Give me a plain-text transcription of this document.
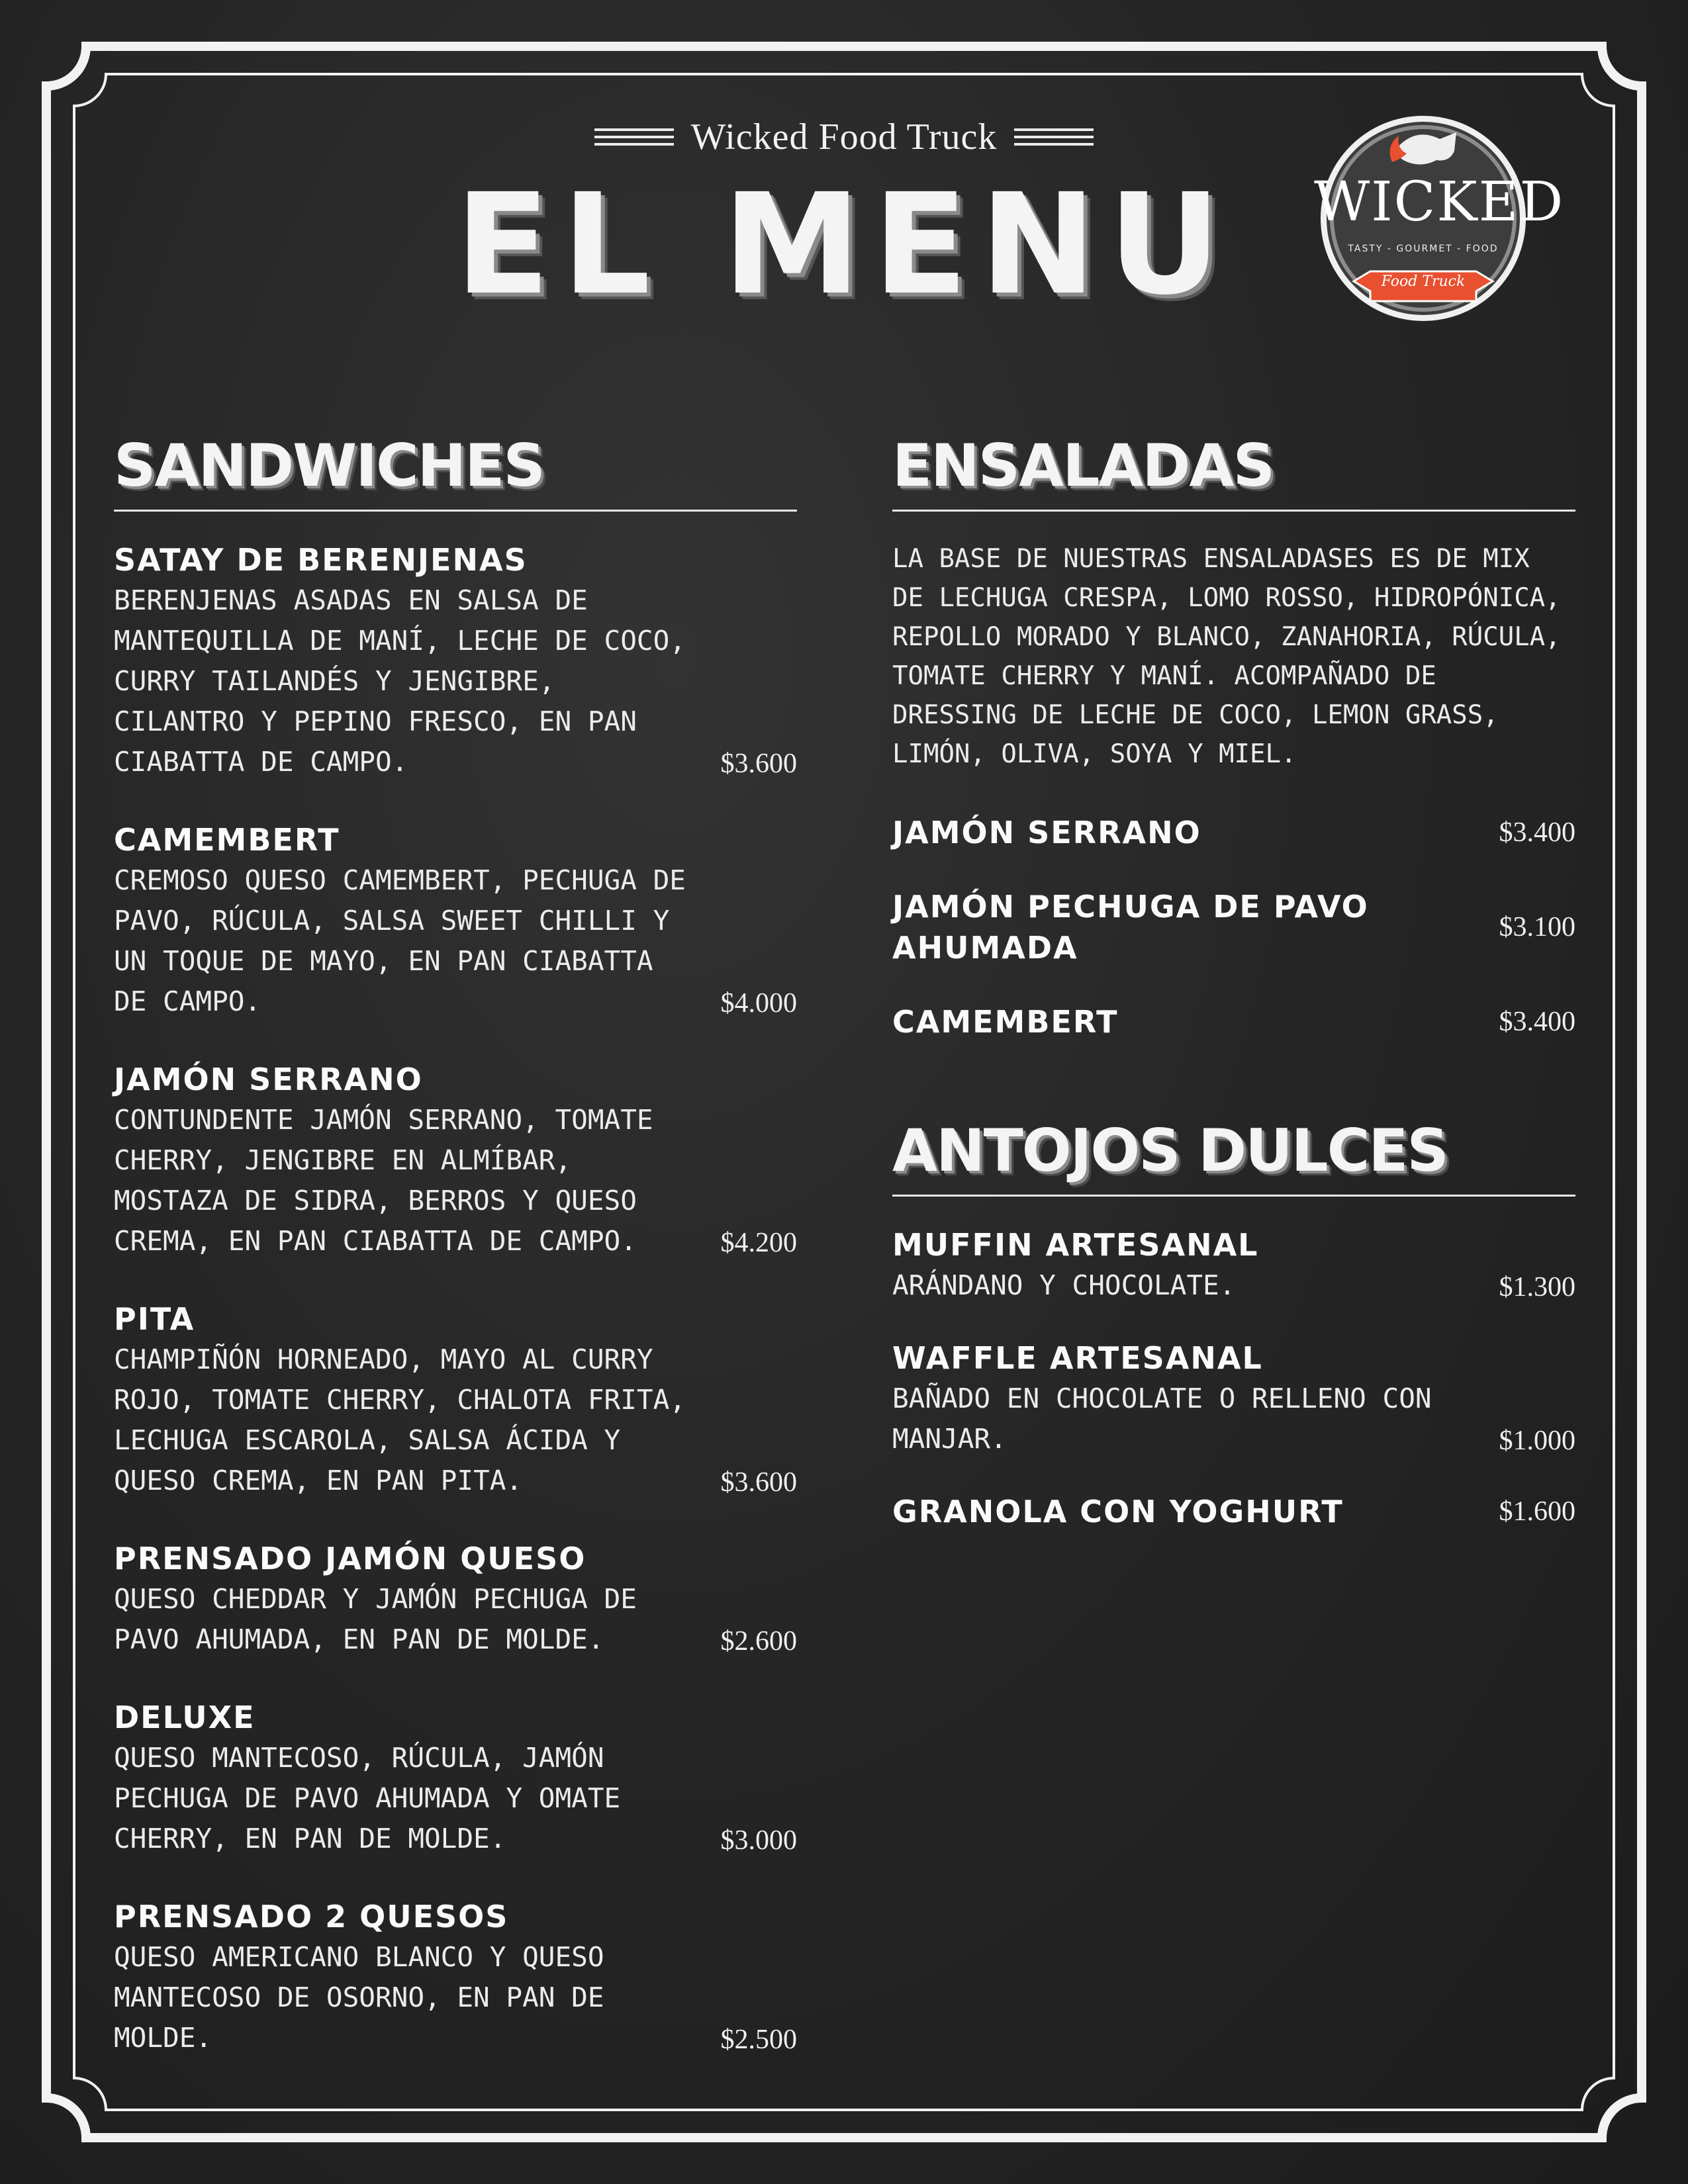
Wicked Food Truck
EL MENU	WICKED
TASTY - GOURMET - FOOD
Food Truck
SANDWICHES
SATAY DE BERENJENAS
BERENJENAS ASADAS EN SALSA DE MANTEQUILLA DE MANÍ, LECHE DE COCO, CURRY TAILANDÉS Y JENGIBRE, CILANTRO Y PEPINO FRESCO, EN PAN CIABATTA DE CAMPO.	$3.600
CAMEMBERT
CREMOSO QUESO CAMEMBERT, PECHUGA DE PAVO, RÚCULA, SALSA SWEET CHILLI Y UN TOQUE DE MAYO, EN PAN CIABATTA DE CAMPO.	$4.000
JAMÓN SERRANO
CONTUNDENTE JAMÓN SERRANO, TOMATE CHERRY, JENGIBRE EN ALMÍBAR, MOSTAZA DE SIDRA, BERROS Y QUESO CREMA, EN PAN CIABATTA DE CAMPO.	$4.200
PITA
CHAMPIÑÓN HORNEADO, MAYO AL CURRY ROJO, TOMATE CHERRY, CHALOTA FRITA, LECHUGA ESCAROLA, SALSA ÁCIDA Y QUESO CREMA, EN PAN PITA.	$3.600
PRENSADO JAMÓN QUESO
QUESO CHEDDAR Y JAMÓN PECHUGA DE PAVO AHUMADA, EN PAN DE MOLDE.	$2.600
DELUXE
QUESO MANTECOSO, RÚCULA, JAMÓN PECHUGA DE PAVO AHUMADA Y OMATE CHERRY, EN PAN DE MOLDE.	$3.000
PRENSADO 2 QUESOS
QUESO AMERICANO BLANCO Y QUESO MANTECOSO DE OSORNO, EN PAN DE MOLDE.	$2.500
ENSALADAS
LA BASE DE NUESTRAS ENSALADASES ES DE MIX DE LECHUGA CRESPA, LOMO ROSSO, HIDROPÓNICA, REPOLLO MORADO Y BLANCO, ZANAHORIA, RÚCULA, TOMATE CHERRY Y MANÍ. ACOMPAÑADO DE DRESSING DE LECHE DE COCO, LEMON GRASS, LIMÓN, OLIVA, SOYA Y MIEL.
JAMÓN SERRANO	$3.400
JAMÓN PECHUGA DE PAVO AHUMADA
$3.100
CAMEMBERT	$3.400
ANTOJOS DULCES
MUFFIN ARTESANAL
ARÁNDANO Y CHOCOLATE.	$1.300
WAFFLE ARTESANAL
BAÑADO EN CHOCOLATE O RELLENO CON MANJAR.	$1.000
GRANOLA CON YOGHURT	$1.600
